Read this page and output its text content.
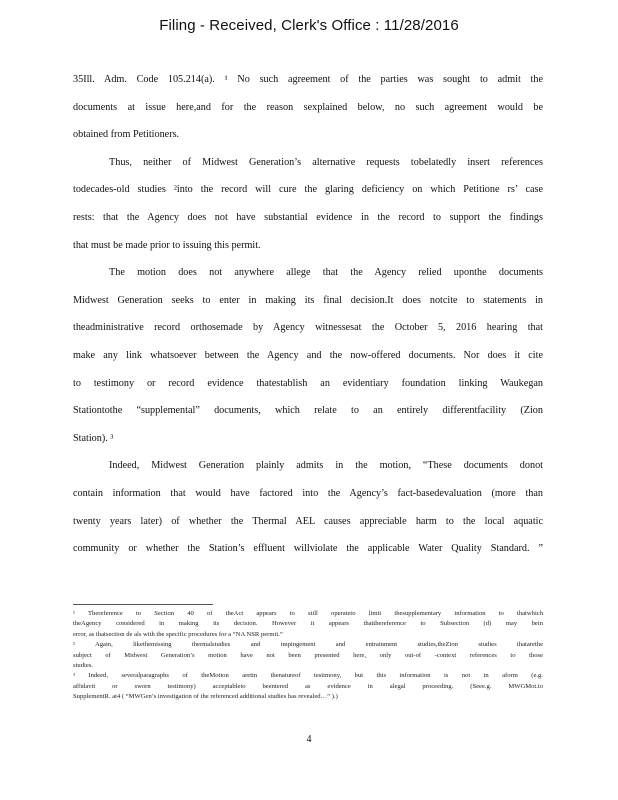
Filing - Received, Clerk's Office : 11/28/2016
35Ill. Adm. Code 105.214(a). ¹ No such agreement of the parties was sought to admit the
documents at issue here,and for the reason sexplained below, no such agreement would be
obtained from Petitioners.
Thus, neither of Midwest Generation’s alternative requests tobelatedly insert references
todecades-old studies ²into the record will cure the glaring deficiency on which Petitione rs’ case
rests: that the Agency does not have substantial evidence in the record to support the findings
that must be made prior to issuing this permit.
The motion does not anywhere allege that the Agency relied uponthe documents
Midwest Generation seeks to enter in making its final decision.It does notcite to statements in
theadministrative record orthosemade by Agency witnessesat the October 5, 2016 hearing that
make any link whatsoever between the Agency and the now-offered documents. Nor does it cite
to testimony or record evidence thatestablish an evidentiary foundation linking Waukegan
Stationtothe “supplemental” documents, which relate to an entirely differentfacility (Zion
Station). ³
Indeed, Midwest Generation plainly admits in the motion, “These documents donot
contain information that would have factored into the Agency’s fact-basedevaluation (more than
twenty years later) of whether the Thermal AEL causes appreciable harm to the local aquatic
community or whether the Station’s effluent willviolate the applicable Water Quality Standard. ”
¹ Thereference to Section 40 of theAct appears to still operateto limit thesupplementary information to thatwhich
theAgency considered in making its decision. However it appears thatthereference to Subsection (d) may bein
error, as thatsection de als with the specific procedures for a “NA NSR permit.”
² Again, likethemissing thermalstudies and impingement and entrainment studies,theZion studies thatarethe
subject of Midwest Generation’s motion have not been presented here, only out-of -context references to those
studies.
³ Indeed, severalparagraphs of theMotion aretin thenatureof testimony, but this information is not in aform (e.g.
affidavit or sworn testimony) acceptableto beentered as evidence in alegal proceeding. (Seee.g. MWGMot.to
SupplementR. at4 ( “MWGen’s investigation of the referenced additional studies has revealed…” ).)
4
